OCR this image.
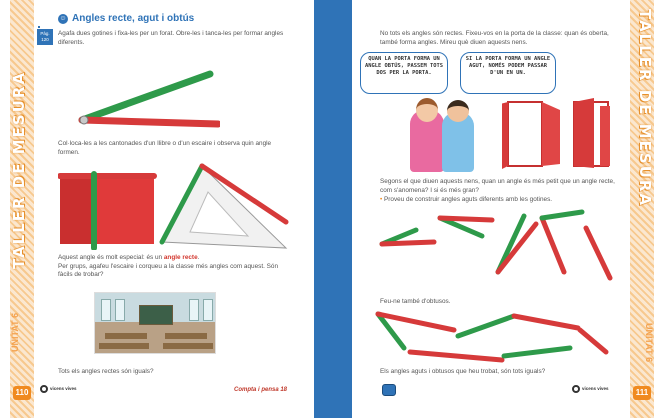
TALLER DE MESURA
UNITAT 6
110
Pàg. 120
☺ Angles recte, agut i obtús
Agafa dues gotines i fixa-les per un forat. Obre-les i tanca-les per formar angles diferents.
Col·loca-les a les cantonades d'un llibre o d'un escaire i observa quin angle formen.
Aquest angle és molt especial: és un angle recte.
Per grups, agafeu l'escaire i corqueu a la classe més angles com aquest. Són fàcils de trobar?
Tots els angles rectes són iguals?
Compta i pensa 18
vicens vives
TALLER DE MESURA
UNITAT 6
111
No tots els angles són rectes. Fixeu-vos en la porta de la classe: quan és oberta, també forma angles. Mireu què diuen aquests nens.
QUAN LA PORTA FORMA UN ANGLE OBTÚS, PASSEM TOTS DOS PER LA PORTA.
SI LA PORTA FORMA UN ANGLE AGUT, NOMÉS PODEM PASSAR D'UN EN UN.
Segons el que diuen aquests nens, quan un angle és més petit que un angle recte, com s'anomena? I si és més gran?
• Proveu de construir angles aguts diferents amb les gotines.
Feu-ne també d'obtusos.
Els angles aguts i obtusos que heu trobat, són tots iguals?
vicens vives
